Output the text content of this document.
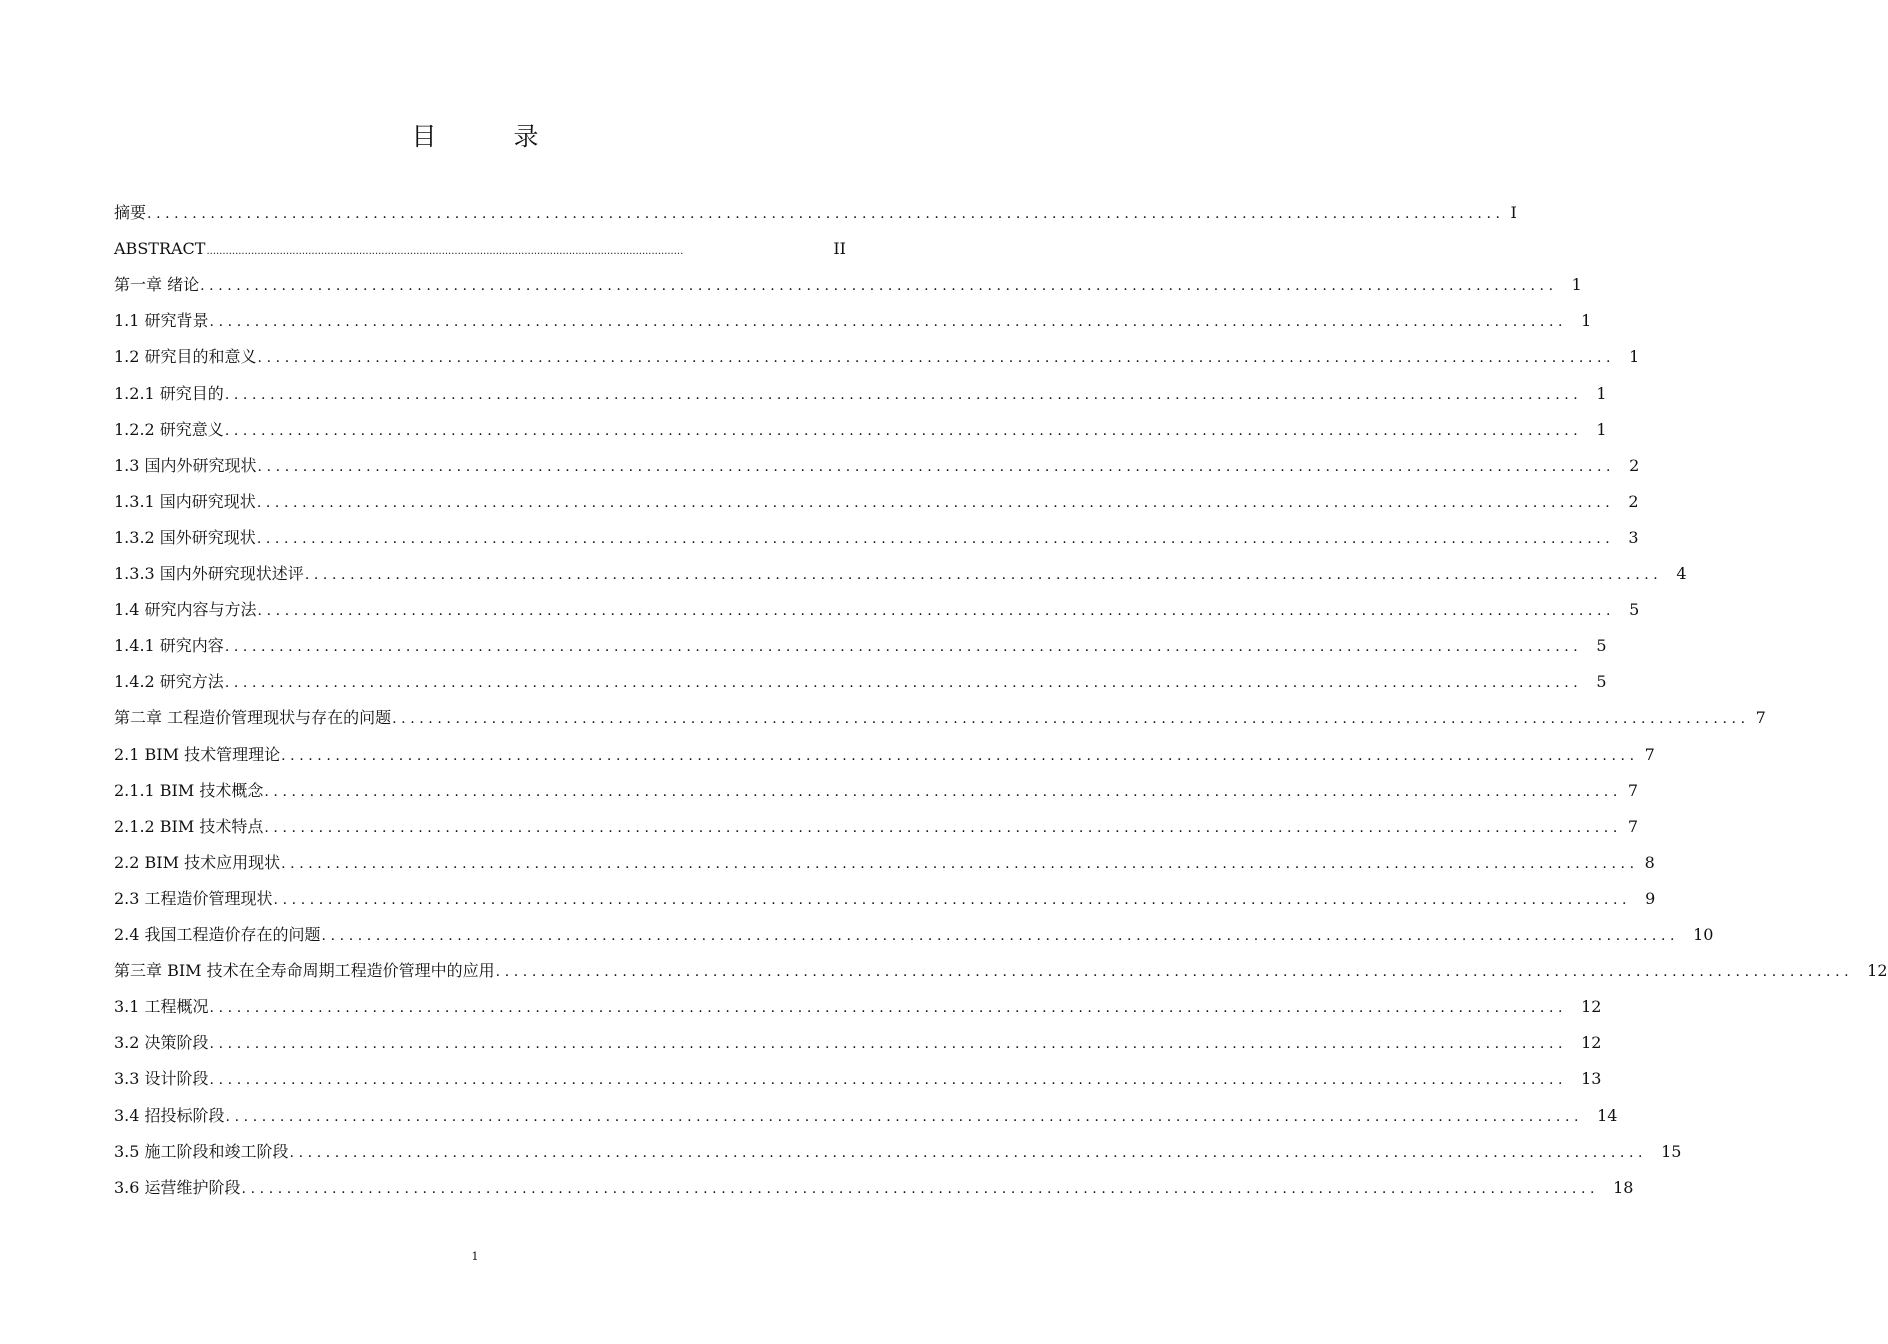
目　录
摘要 ...................................................................................................................................................... I
ABSTRACT ......................................................................................................................................................	II
第一章 绪论 ...................................................................................................................................................... 1
1.1 研究背景 ...................................................................................................................................................... 1
1.2 研究目的和意义 ...................................................................................................................................................... 1
1.2.1 研究目的 ...................................................................................................................................................... 1
1.2.2 研究意义 ...................................................................................................................................................... 1
1.3 国内外研究现状 ...................................................................................................................................................... 2
1.3.1 国内研究现状 ...................................................................................................................................................... 2
1.3.2 国外研究现状 ...................................................................................................................................................... 3
1.3.3 国内外研究现状述评 ...................................................................................................................................................... 4
1.4 研究内容与方法 ...................................................................................................................................................... 5
1.4.1 研究内容 ...................................................................................................................................................... 5
1.4.2 研究方法 ...................................................................................................................................................... 5
第二章 工程造价管理现状与存在的问题 ...................................................................................................................................................... 7
2.1 BIM 技术管理理论 ...................................................................................................................................................... 7
2.1.1 BIM 技术概念 ...................................................................................................................................................... 7
2.1.2 BIM 技术特点 ...................................................................................................................................................... 7
2.2 BIM 技术应用现状 ...................................................................................................................................................... 8
2.3 工程造价管理现状 ...................................................................................................................................................... 9
2.4 我国工程造价存在的问题 ...................................................................................................................................................... 10
第三章 BIM 技术在全寿命周期工程造价管理中的应用 ...................................................................................................................................................... 12
3.1 工程概况 ...................................................................................................................................................... 12
3.2 决策阶段 ...................................................................................................................................................... 12
3.3 设计阶段 ...................................................................................................................................................... 13
3.4 招投标阶段 ...................................................................................................................................................... 14
3.5 施工阶段和竣工阶段 ...................................................................................................................................................... 15
3.6 运营维护阶段 ...................................................................................................................................................... 18
1
